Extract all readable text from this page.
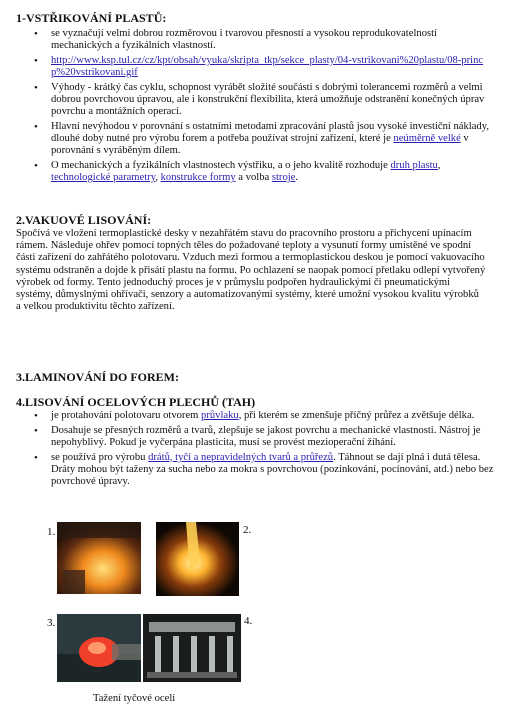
1-VSTŘIKOVÁNÍ PLASTŮ:
• se vyznačují velmi dobrou rozměrovou i tvarovou přesností a vysokou reprodukovatelností mechanických a fyzikálních vlastností.
• http://www.ksp.tul.cz/cz/kpt/obsah/vyuka/skripta_tkp/sekce_plasty/04-vstrikovani%20plastu/08-princp%20vstrikovani.gif
• Výhody - krátký čas cyklu, schopnost vyrábět složité součásti s dobrými tolerancemi rozměrů a velmi dobrou povrchovou úpravou, ale i konstrukční flexibilita, která umožňuje odstranění konečných úprav povrchu a montážních operací.
• Hlavní nevýhodou v porovnání s ostatními metodami zpracování plastů jsou vysoké investiční náklady, dlouhé doby nutné pro výrobu forem a potřeba používat strojní zařízení, které je neúměrně velké v porovnání s vyráběným dílem.
• O mechanických a fyzikálních vlastnostech výstřiku, a o jeho kvalitě rozhoduje druh plastu, technologické parametry, konstrukce formy a volba stroje.
2.VAKUOVÉ LISOVÁNÍ:

Spočívá ve vložení termoplastické desky v nezahřátém stavu do pracovního prostoru a přichycení upínacím rámem. Následuje ohřev pomocí topných těles do požadované teploty a vysunutí formy umístěné ve spodní části zařízení do zahřátého polotovaru. Vzduch mezi formou a termoplastickou deskou je pomocí vakuovacího systému odstraněn a dojde k přisátí plastu na formu. Po ochlazení se naopak pomocí přetlaku odlepí vytvořený výrobek od formy. Tento jednoduchý proces je v průmyslu podpořen hydraulickými či pneumatickými systémy, důmyslnými ohřívači, senzory a automatizovanými systémy, které umožní vysokou kvalitu výrobků a velkou produktivitu těchto zařízení.

3.LAMINOVÁNÍ DO FOREM:
4.LISOVÁNÍ OCELOVÝCH PLECHŮ (TAH)
• je protahování polotovaru otvorem průvlaku, při kterém se zmenšuje příčný průřez a zvětšuje délka.
• Dosahuje se přesných rozměrů a tvarů, zlepšuje se jakost povrchu a mechanické vlastnosti. Nástroj je nepohyblivý. Pokud je vyčerpána plasticita, musí se provést mezioperační žíhání.
• se používá pro výrobu drátů, tyčí a nepravidelných tvarů a průřezů. Táhnout se dají plná i dutá tělesa. Dráty mohou být taženy za sucha nebo za mokra s povrchovou (pozinkování, pocínování, atd.) nebo bez povrchové úpravy.
1.	2.
3.	4.
Tažení tyčové oceli
